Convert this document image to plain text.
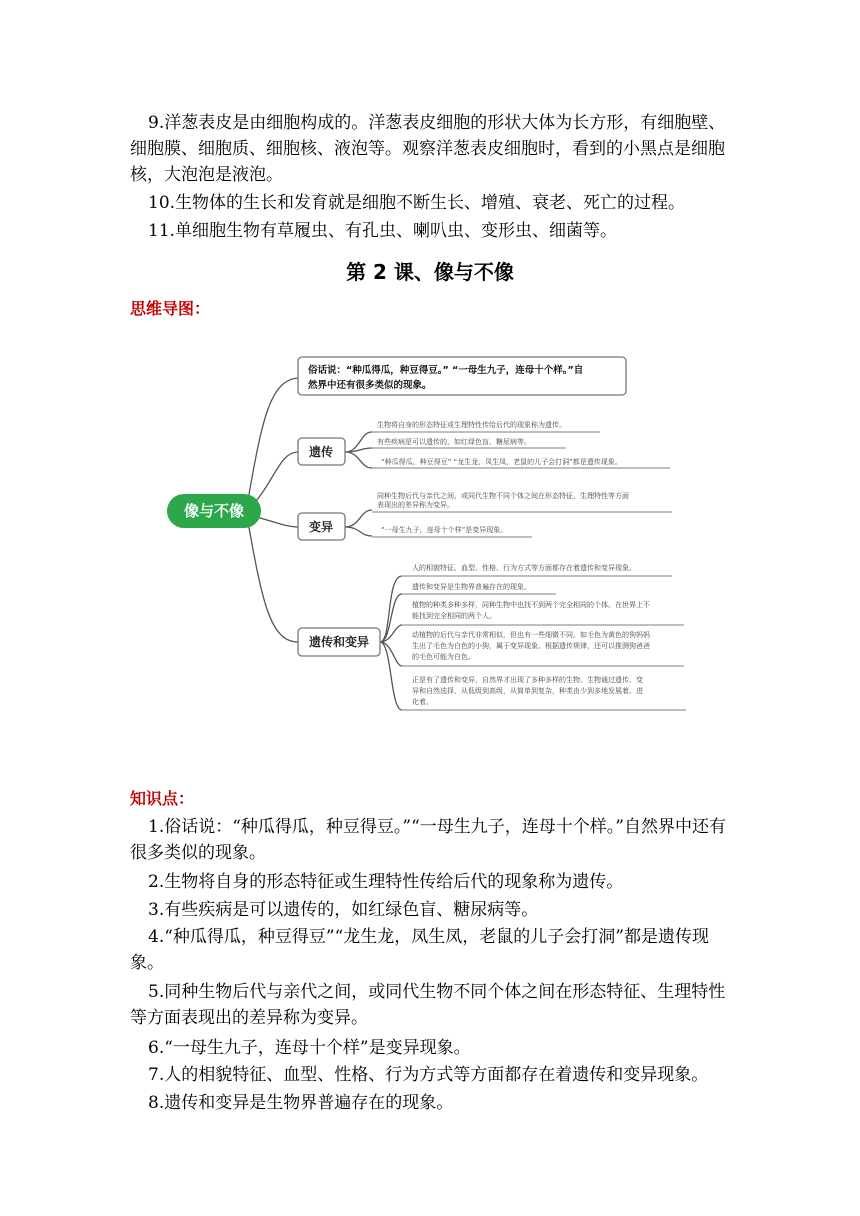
9.洋葱表皮是由细胞构成的。洋葱表皮细胞的形状大体为长方形，有细胞壁、细胞膜、细胞质、细胞核、液泡等。观察洋葱表皮细胞时，看到的小黑点是细胞核，大泡泡是液泡。

10.生物体的生长和发育就是细胞不断生长、增殖、衰老、死亡的过程。

11.单细胞生物有草履虫、有孔虫、喇叭虫、变形虫、细菌等。

第 2 课、像与不像

思维导图：

像与不像
俗话说：“种瓜得瓜，种豆得豆。” “一母生九子，连母十个样。”自
然界中还有很多类似的现象。
遗传
变异
遗传和变异
生物将自身的形态特征或生理特性传给后代的现象称为遗传。
有些疾病是可以遗传的，如红绿色盲、糖尿病等。
“种瓜得瓜，种豆得豆” “龙生龙，凤生凤，老鼠的儿子会打洞”都是遗传现象。
同种生物后代与亲代之间，或同代生物不同个体之间在形态特征、生理特性等方面
表现出的差异称为变异。
“一母生九子，连母十个样”是变异现象。
人的相貌特征、血型、性格、行为方式等方面都存在着遗传和变异现象。
遗传和变异是生物界普遍存在的现象。
植物的种类多种多样，同种生物中也找不到两个完全相同的个体。在世界上不
能找到完全相同的两个人。
动植物的后代与亲代非常相似，但也有一些细微不同。如毛色为黄色的狗妈妈
生出了毛色为白色的小狗，属于变异现象。根据遗传规律，还可以推测狗爸爸
的毛色可能为白色。
正是有了遗传和变异，自然界才出现了多种多样的生物。生物通过遗传、变
异和自然选择，从低级到高级，从简单到复杂，种类由少到多地发展着、进
化着。

知识点：

1.俗话说：“种瓜得瓜，种豆得豆。”“一母生九子，连母十个样。”自然界中还有很多类似的现象。

2.生物将自身的形态特征或生理特性传给后代的现象称为遗传。

3.有些疾病是可以遗传的，如红绿色盲、糖尿病等。

4.“种瓜得瓜，种豆得豆”“龙生龙，凤生凤，老鼠的儿子会打洞”都是遗传现象。

5.同种生物后代与亲代之间，或同代生物不同个体之间在形态特征、生理特性等方面表现出的差异称为变异。

6.“一母生九子，连母十个样”是变异现象。

7.人的相貌特征、血型、性格、行为方式等方面都存在着遗传和变异现象。

8.遗传和变异是生物界普遍存在的现象。
